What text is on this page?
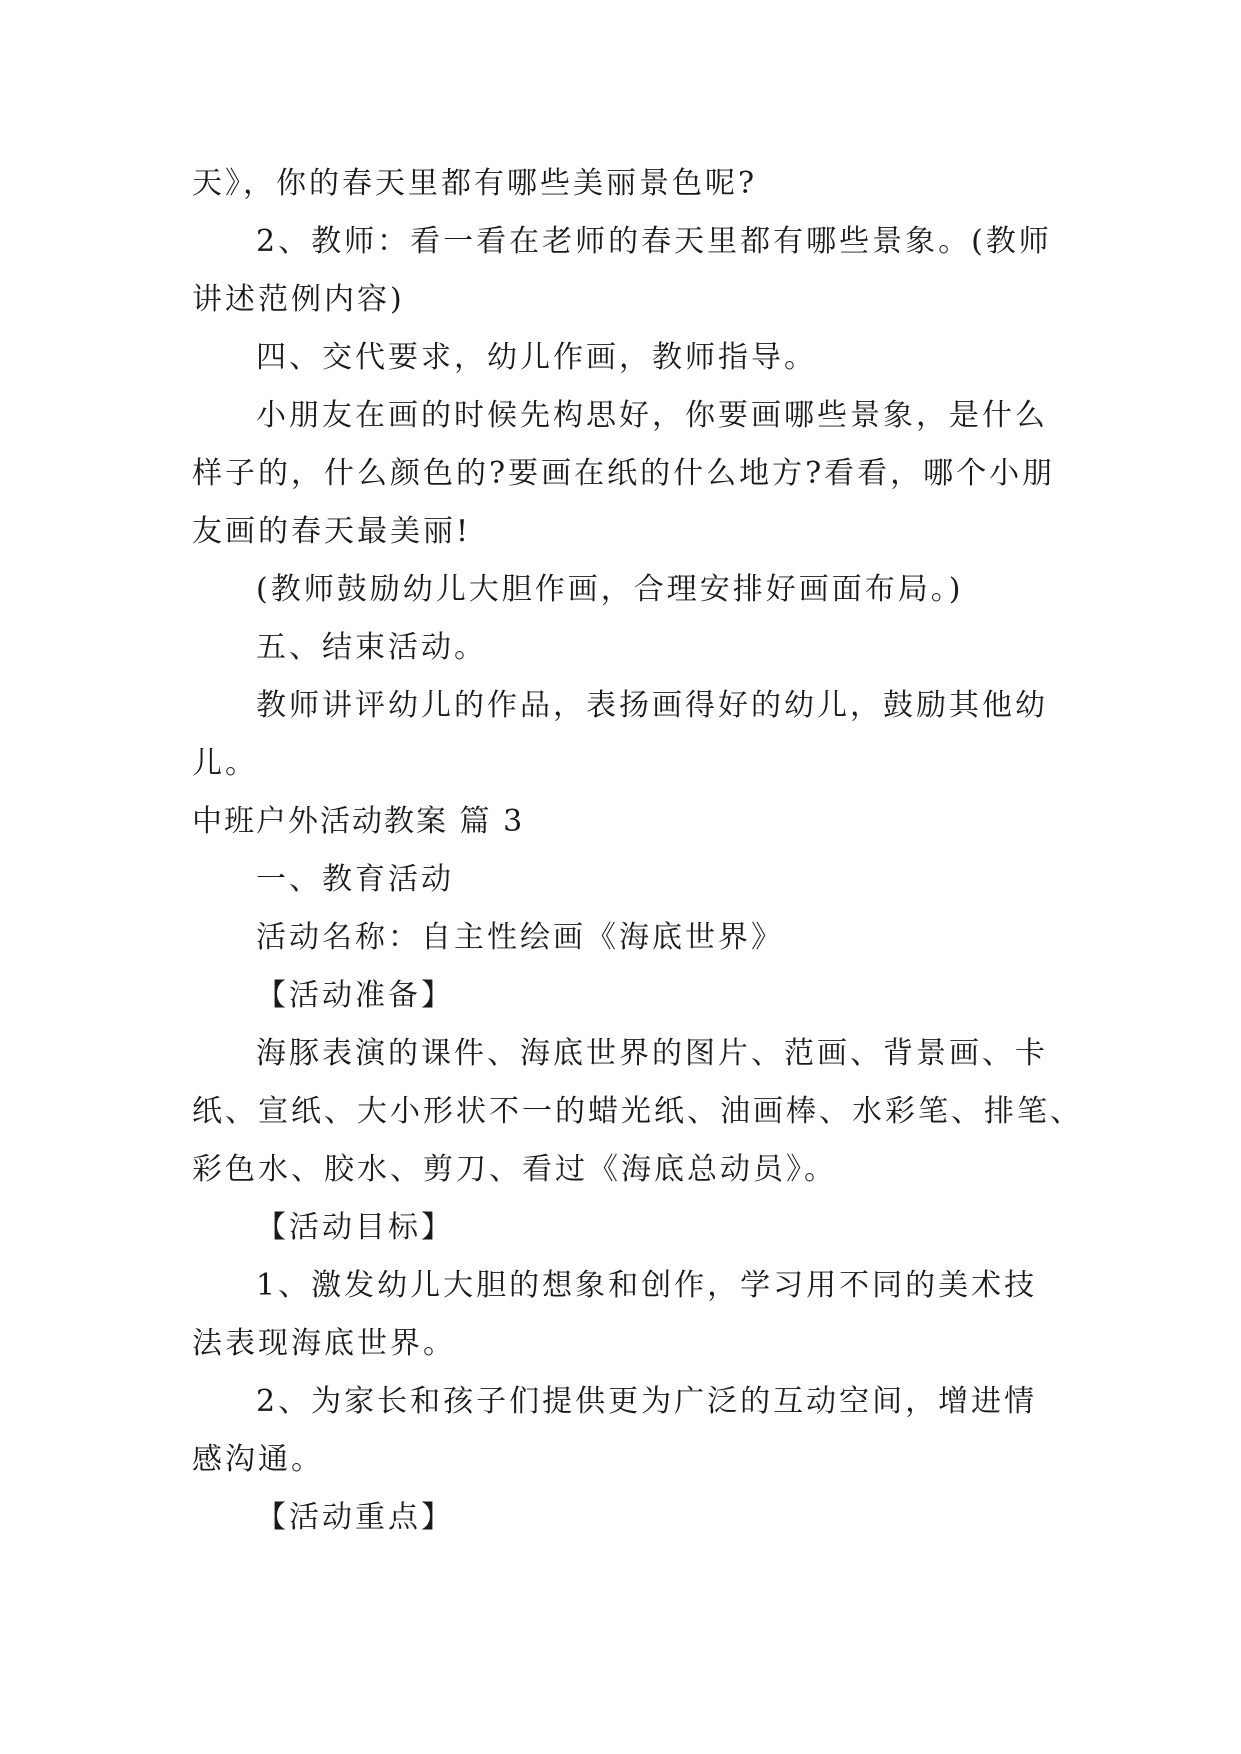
天》，你的春天里都有哪些美丽景色呢?
2、教师：看一看在老师的春天里都有哪些景象。(教师
讲述范例内容)
四、交代要求，幼儿作画，教师指导。
小朋友在画的时候先构思好，你要画哪些景象，是什么
样子的，什么颜色的?要画在纸的什么地方?看看，哪个小朋
友画的春天最美丽!
(教师鼓励幼儿大胆作画，合理安排好画面布局。)
五、结束活动。
教师讲评幼儿的作品，表扬画得好的幼儿，鼓励其他幼
儿。
中班户外活动教案 篇 3
一、教育活动
活动名称：自主性绘画《海底世界》
【活动准备】
海豚表演的课件、海底世界的图片、范画、背景画、卡
纸、宣纸、大小形状不一的蜡光纸、油画棒、水彩笔、排笔、
彩色水、胶水、剪刀、看过《海底总动员》。
【活动目标】
1、激发幼儿大胆的想象和创作，学习用不同的美术技
法表现海底世界。
2、为家长和孩子们提供更为广泛的互动空间，增进情
感沟通。
【活动重点】
